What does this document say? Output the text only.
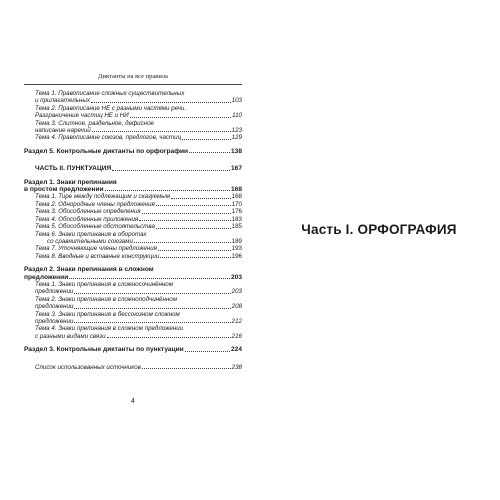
Диктанты на все правила
Тема 1. Правописание сложных существительных
и прилагательных	103
Тема 2. Правописание НЕ с разными частями речи.
Разграничение частиц НЕ и НИ	110
Тема 3. Слитное, раздельное, дефисное
написание наречий	123
Тема 4. Правописание союзов, предлогов, частиц	129
Раздел 5. Контрольные диктанты по орфографии	138
ЧАСТЬ II. ПУНКТУАЦИЯ	167
Раздел 1. Знаки препинания
в простом предложении	168
Тема 1. Тире между подлежащим и сказуемым	168
Тема 2. Однородные члены предложения	170
Тема 3. Обособленные определения	176
Тема 4. Обособленные приложения	183
Тема 5. Обособленные обстоятельства	185
Тема 6. Знаки препинания в оборотах
со сравнительными союзами	189
Тема 7. Уточняющие члены предложения	193
Тема 8. Вводные и вставные конструкции	196
Раздел 2. Знаки препинания в сложном
предложении	203
Тема 1. Знаки препинания в сложносочинённом
предложении	203
Тема 2. Знаки препинания в сложноподчинённом
предложении	208
Тема 3. Знаки препинания в бессоюзном сложном
предложении	212
Тема 4. Знаки препинания в сложном предложении
с разными видами связи	216
Раздел 3. Контрольные диктанты по пунктуации	224
Список использованных источников	238
4
Часть I. ОРФОГРАФИЯ
